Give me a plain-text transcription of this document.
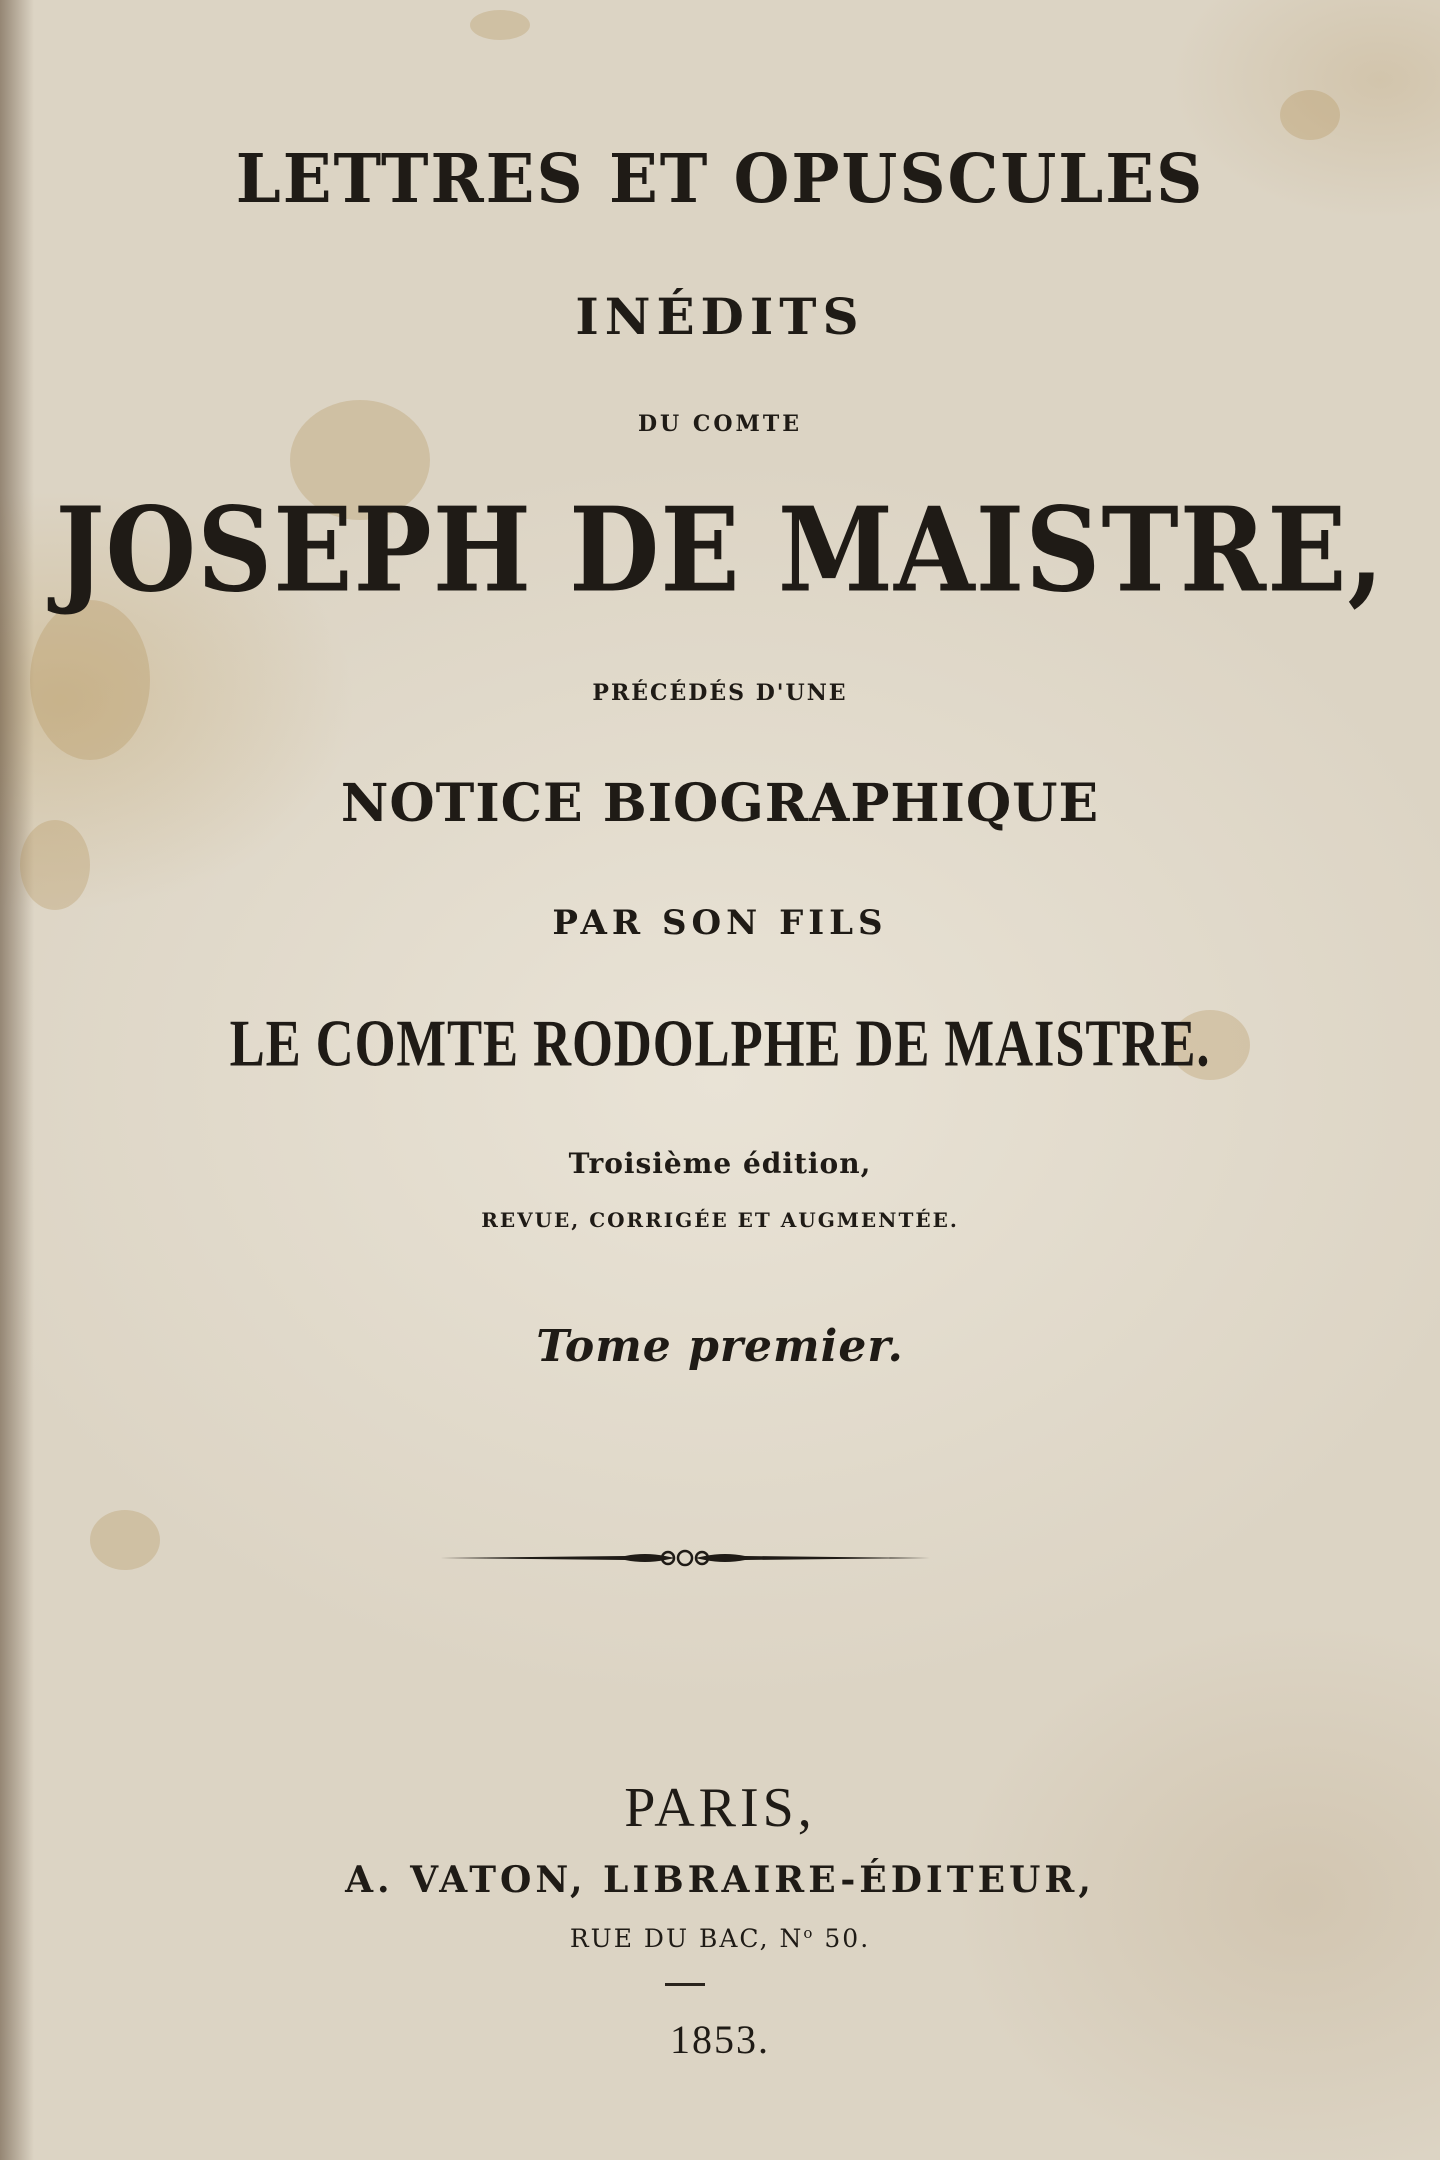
LETTRES ET OPUSCULES
INÉDITS
DU COMTE
JOSEPH DE MAISTRE,
PRÉCÉDÉS D'UNE
NOTICE BIOGRAPHIQUE
PAR SON FILS
LE COMTE RODOLPHE DE MAISTRE.
Troisième édition,
REVUE, CORRIGÉE ET AUGMENTÉE.
Tome premier.
PARIS,
A. VATON, LIBRAIRE-ÉDITEUR,
RUE DU BAC, $N^o$ 50.
1853.
